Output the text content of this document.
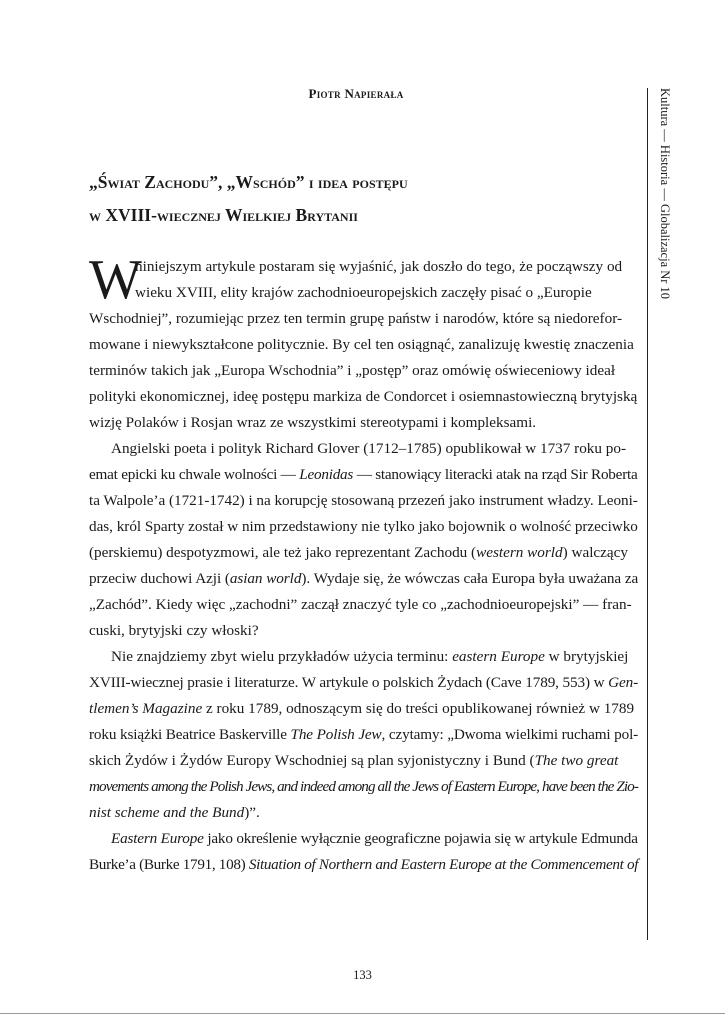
Piotr Napierała
„Świat Zachodu”, „Wschód” i idea postępu
w XVIII-wiecznej Wielkiej Brytanii	Kultura — Historia — Globalizacja Nr 10
W
niniejszym artykule postaram się wyjaśnić, jak doszło do tego, że począwszy od
wieku XVIII, elity krajów zachodnioeuropejskich zaczęły pisać o „Europie
Wschodniej”, rozumiejąc przez ten termin grupę państw i narodów, które są niedorefor-
mowane i niewykształcone politycznie. By cel ten osiągnąć, zanalizuję kwestię znaczenia
terminów takich jak „Europa Wschodnia” i „postęp” oraz omówię oświeceniowy ideał
polityki ekonomicznej, ideę postępu markiza de Condorcet i osiemnastowieczną brytyjską
wizję Polaków i Rosjan wraz ze wszystkimi stereotypami i kompleksami.
Angielski poeta i polityk Richard Glover (1712–1785) opublikował w 1737 roku po-
emat epicki ku chwale wolności — Leonidas — stanowiący literacki atak na rząd Sir Roberta
ta Walpole’a (1721-1742) i na korupcję stosowaną przezeń jako instrument władzy. Leoni-
das, król Sparty został w nim przedstawiony nie tylko jako bojownik o wolność przeciwko
(perskiemu) despotyzmowi, ale też jako reprezentant Zachodu (western world) walczący
przeciw duchowi Azji (asian world). Wydaje się, że wówczas cała Europa była uważana za
„Zachód”. Kiedy więc „zachodni” zaczął znaczyć tyle co „zachodnioeuropejski” — fran-
cuski, brytyjski czy włoski?
Nie znajdziemy zbyt wielu przykładów użycia terminu: eastern Europe w brytyjskiej
XVIII-wiecznej prasie i literaturze. W artykule o polskich Żydach (Cave 1789, 553) w Gen-
tlemen’s Magazine z roku 1789, odnoszącym się do treści opublikowanej również w 1789
roku książki Beatrice Baskerville The Polish Jew, czytamy: „Dwoma wielkimi ruchami pol-
skich Żydów i Żydów Europy Wschodniej są plan syjonistyczny i Bund (The two great
movements among the Polish Jews, and indeed among all the Jews of Eastern Europe, have been the Zio-
nist scheme and the Bund)”.
Eastern Europe jako określenie wyłącznie geograficzne pojawia się w artykule Edmunda
Burke’a (Burke 1791, 108) Situation of Northern and Eastern Europe at the Commencement of
133
